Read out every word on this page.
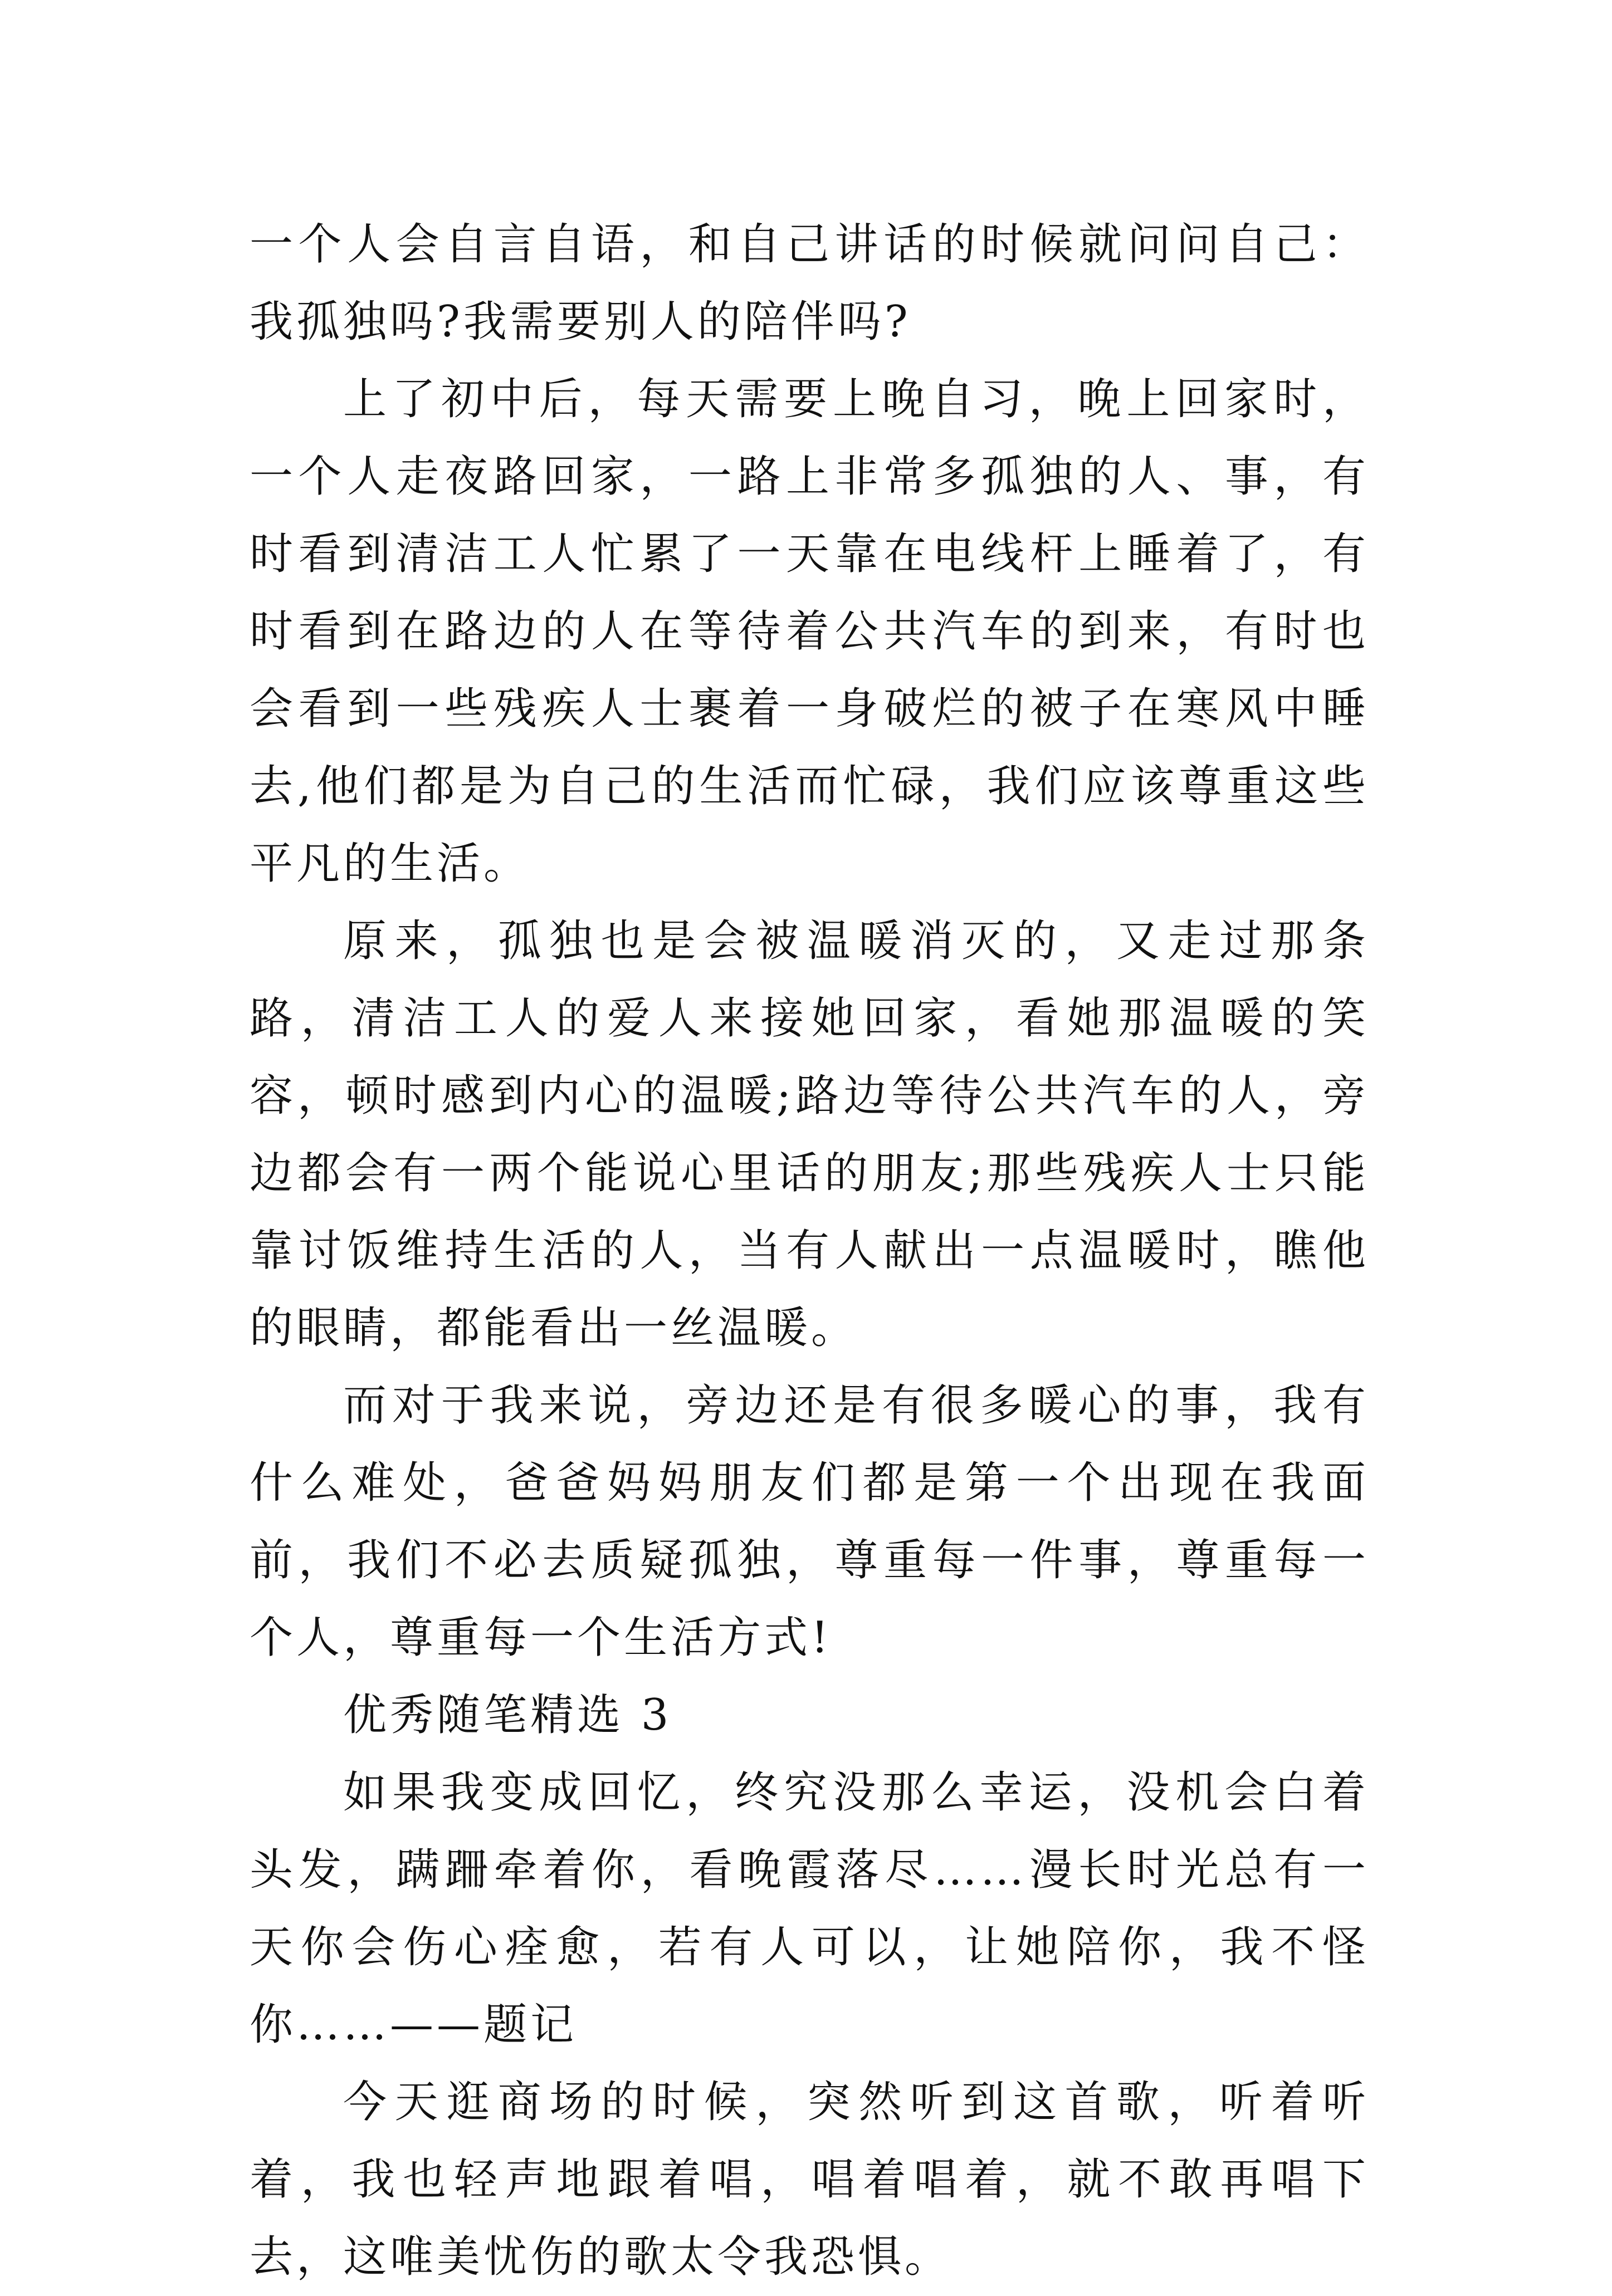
一个人会自言自语，和自己讲话的时候就问问自己：我孤独吗?我需要别人的陪伴吗?

上了初中后，每天需要上晚自习，晚上回家时，一个人走夜路回家，一路上非常多孤独的人、事，有时看到清洁工人忙累了一天靠在电线杆上睡着了，有时看到在路边的人在等待着公共汽车的到来，有时也会看到一些残疾人士裹着一身破烂的被子在寒风中睡去,他们都是为自己的生活而忙碌，我们应该尊重这些平凡的生活。

原来，孤独也是会被温暖消灭的，又走过那条路，清洁工人的爱人来接她回家，看她那温暖的笑容，顿时感到内心的温暖;路边等待公共汽车的人，旁边都会有一两个能说心里话的朋友;那些残疾人士只能靠讨饭维持生活的人，当有人献出一点温暖时，瞧他的眼睛，都能看出一丝温暖。

而对于我来说，旁边还是有很多暖心的事，我有什么难处，爸爸妈妈朋友们都是第一个出现在我面前，我们不必去质疑孤独，尊重每一件事，尊重每一个人，尊重每一个生活方式!

优秀随笔精选 3

如果我变成回忆，终究没那么幸运，没机会白着头发，蹒跚牵着你，看晚霞落尽……漫长时光总有一天你会伤心痊愈，若有人可以，让她陪你，我不怪你……——题记

今天逛商场的时候，突然听到这首歌，听着听着，我也轻声地跟着唱，唱着唱着，就不敢再唱下去，这唯美忧伤的歌太令我恐惧。
